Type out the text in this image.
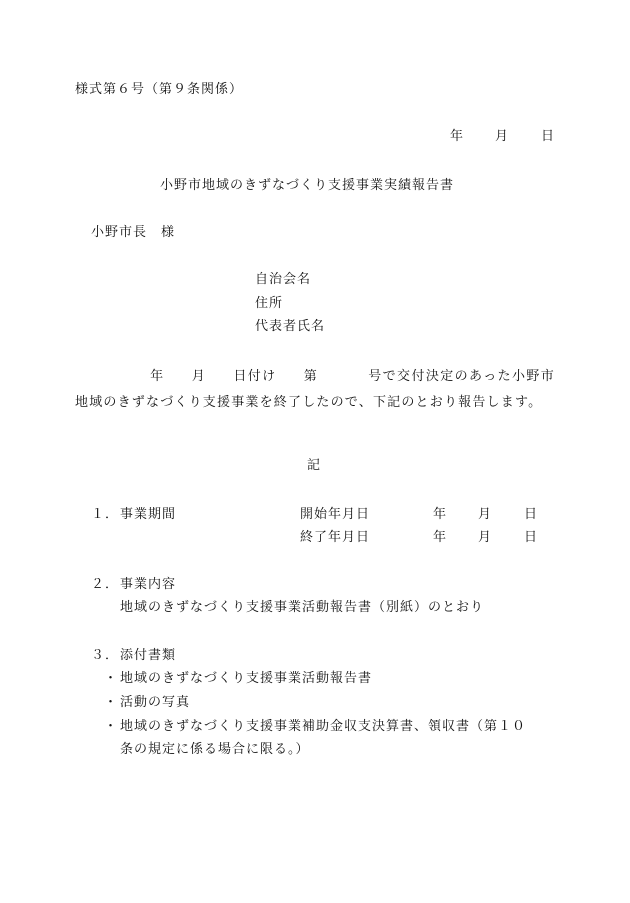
様式第６号（第９条関係）
年 月	日
小野市地域のきずなづくり支援事業実績報告書
小野市長　様
自治会名
住所
代表者氏名
年 月 日付け 第	号で交付決定のあった小野市地域のきずなづくり支援事業を終了したので、下記のとおり報告します。
記
１． 事業期間	開始年月日	年 月	日
終了年月日	年 月	日
２． 事業内容
地域のきずなづくり支援事業活動報告書（別紙）のとおり
３． 添付書類
・ 地域のきずなづくり支援事業活動報告書
・ 活動の写真
・ 地域のきずなづくり支援事業補助金収支決算書、領収書（第１０
条の規定に係る場合に限る。）
